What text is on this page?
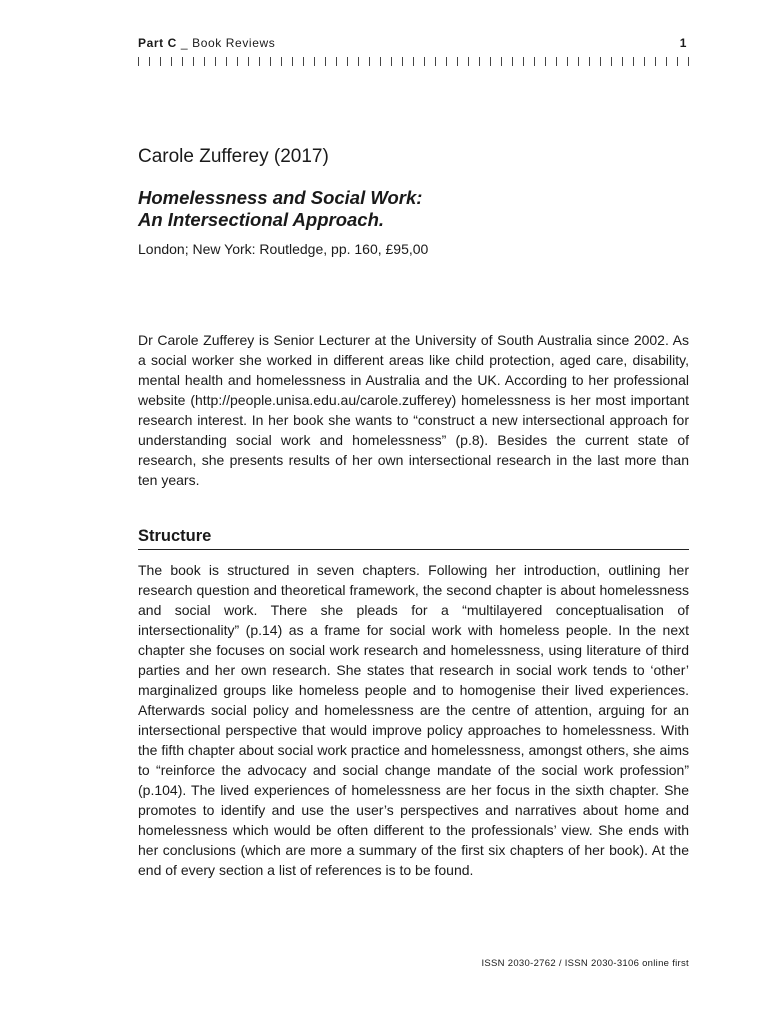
Part C _ Book Reviews	1
Carole Zufferey (2017)
Homelessness and Social Work:
An Intersectional Approach.
London; New York: Routledge, pp. 160, £95,00

Dr Carole Zufferey is Senior Lecturer at the University of South Australia since 2002. As a social worker she worked in different areas like child protection, aged care, disability, mental health and homelessness in Australia and the UK. According to her professional website (http://people.unisa.edu.au/carole.zufferey) homelessness is her most important research interest. In her book she wants to “construct a new intersectional approach for understanding social work and homelessness” (p.8). Besides the current state of research, she presents results of her own intersectional research in the last more than ten years.

Structure

The book is structured in seven chapters. Following her introduction, outlining her research question and theoretical framework, the second chapter is about homelessness and social work. There she pleads for a “multilayered conceptualisation of intersectionality” (p.14) as a frame for social work with homeless people. In the next chapter she focuses on social work research and homelessness, using literature of third parties and her own research. She states that research in social work tends to ‘other’ marginalized groups like homeless people and to homogenise their lived experiences. Afterwards social policy and homelessness are the centre of attention, arguing for an intersectional perspective that would improve policy approaches to homelessness. With the fifth chapter about social work practice and homelessness, amongst others, she aims to “reinforce the advocacy and social change mandate of the social work profession” (p.104). The lived experiences of homelessness are her focus in the sixth chapter. She promotes to identify and use the user’s perspectives and narratives about home and homelessness which would be often different to the professionals’ view. She ends with her conclusions (which are more a summary of the first six chapters of her book). At the end of every section a list of references is to be found.

ISSN 2030-2762 / ISSN 2030-3106 online first
